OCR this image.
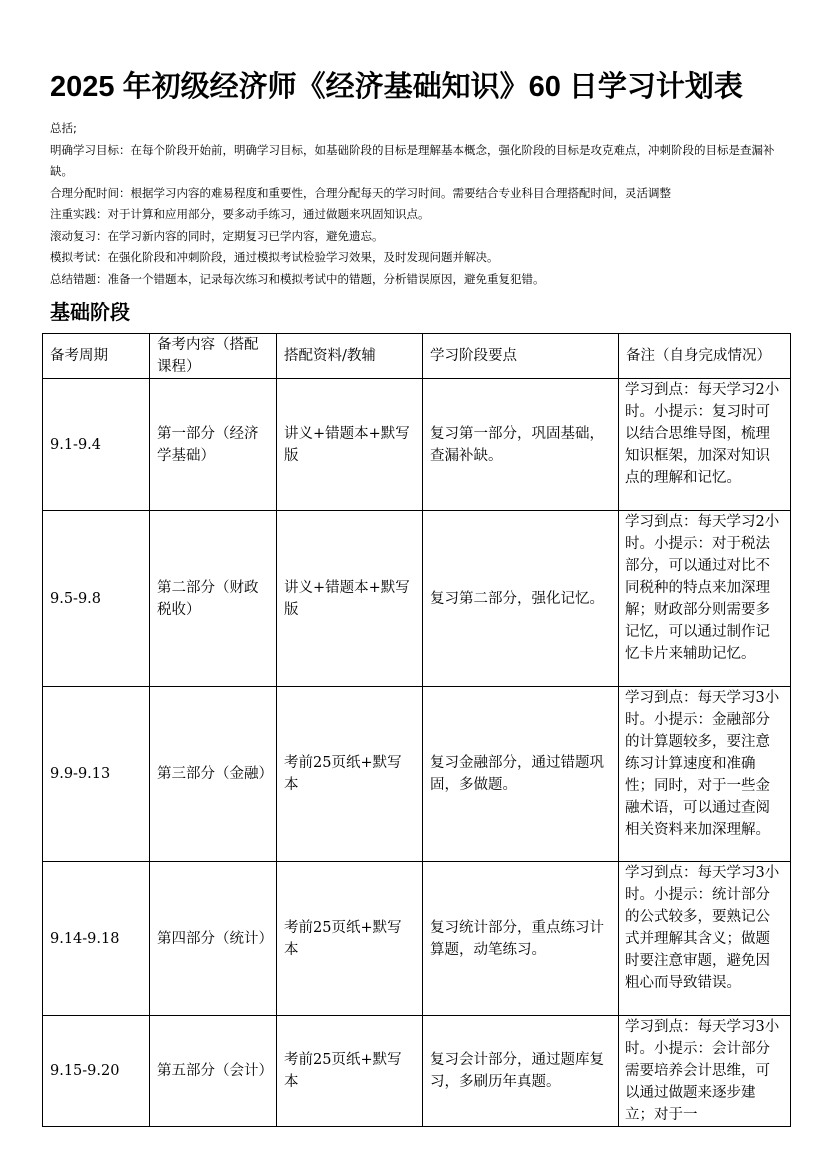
2025 年初级经济师《经济基础知识》60 日学习计划表
总括;
明确学习目标：在每个阶段开始前，明确学习目标，如基础阶段的目标是理解基本概念，强化阶段的目标是攻克难点，冲刺阶段的目标是查漏补缺。
合理分配时间：根据学习内容的难易程度和重要性，合理分配每天的学习时间。需要结合专业科目合理搭配时间，灵活调整
注重实践：对于计算和应用部分，要多动手练习，通过做题来巩固知识点。
滚动复习：在学习新内容的同时，定期复习已学内容，避免遗忘。
模拟考试：在强化阶段和冲刺阶段，通过模拟考试检验学习效果，及时发现问题并解决。
总结错题：准备一个错题本，记录每次练习和模拟考试中的错题，分析错误原因，避免重复犯错。
基础阶段
备考周期	备考内容（搭配课程）	搭配资料/教辅	学习阶段要点	备注（自身完成情况）
9.1-9.4	第一部分（经济学基础）	讲义+错题本+默写版	复习第一部分，巩固基础，查漏补缺。	学习到点：每天学习2小时。小提示：复习时可以结合思维导图，梳理知识框架，加深对知识点的理解和记忆。
9.5-9.8	第二部分（财政税收）	讲义+错题本+默写版	复习第二部分，强化记忆。	学习到点：每天学习2小时。小提示：对于税法部分，可以通过对比不同税种的特点来加深理解；财政部分则需要多记忆，可以通过制作记忆卡片来辅助记忆。
9.9-9.13	第三部分（金融）	考前25页纸+默写本	复习金融部分，通过错题巩固，多做题。	学习到点：每天学习3小时。小提示：金融部分的计算题较多，要注意练习计算速度和准确性；同时，对于一些金融术语，可以通过查阅相关资料来加深理解。
9.14-9.18	第四部分（统计）	考前25页纸+默写本	复习统计部分，重点练习计算题，动笔练习。	学习到点：每天学习3小时。小提示：统计部分的公式较多，要熟记公式并理解其含义；做题时要注意审题，避免因粗心而导致错误。
9.15-9.20	第五部分（会计）	考前25页纸+默写本	复习会计部分，通过题库复习，多刷历年真题。	学习到点：每天学习3小时。小提示：会计部分需要培养会计思维，可以通过做题来逐步建立；对于一
